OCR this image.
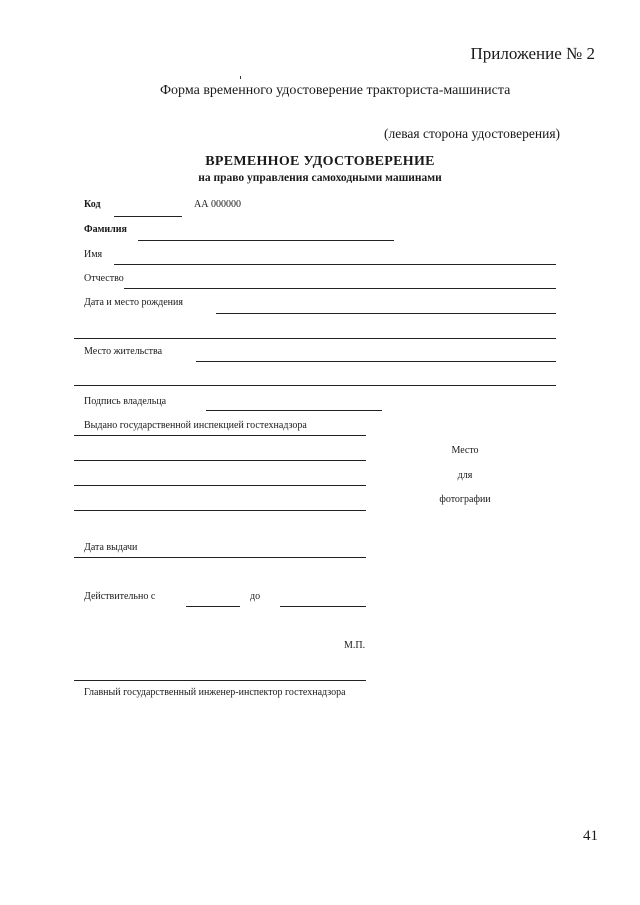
Приложение № 2
Форма временного удостоверение тракториста-машиниста
(левая сторона удостоверения)
ВРЕМЕННОЕ УДОСТОВЕРЕНИЕ
на право управления самоходными машинами
Код	АА 000000
Фамилия
Имя
Отчество
Дата и место рождения
Место жительства
Подпись владельца
Выдано государственной инспекцией гостехнадзора
Место
для
фотографии
Дата выдачи
Действительно с	до
М.П.
Главный государственный инженер-инспектор гостехнадзора
41
